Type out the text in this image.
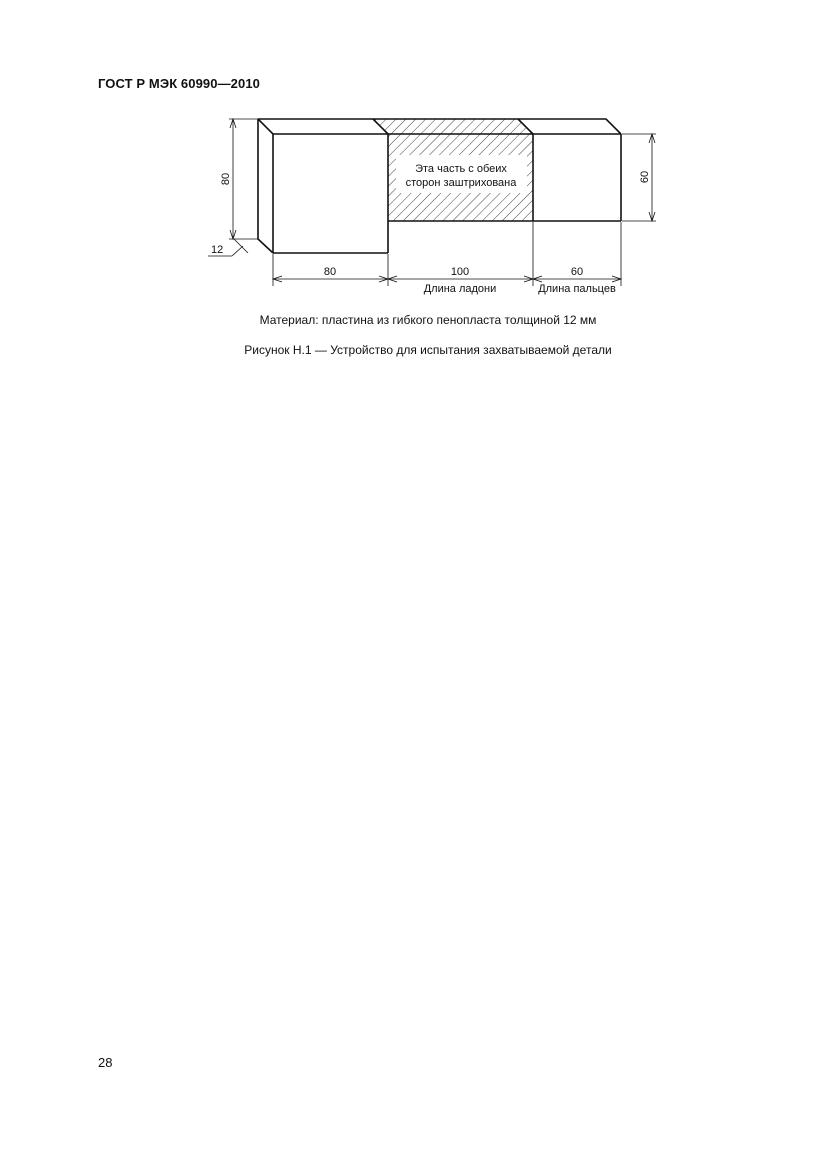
ГОСТ Р МЭК 60990—2010
Эта часть с обеих
сторон заштрихована
80
12
60
80	100	60
Длина ладони	Длина пальцев
Материал: пластина из гибкого пенопласта толщиной 12 мм
Рисунок Н.1 — Устройство для испытания захватываемой детали
28
